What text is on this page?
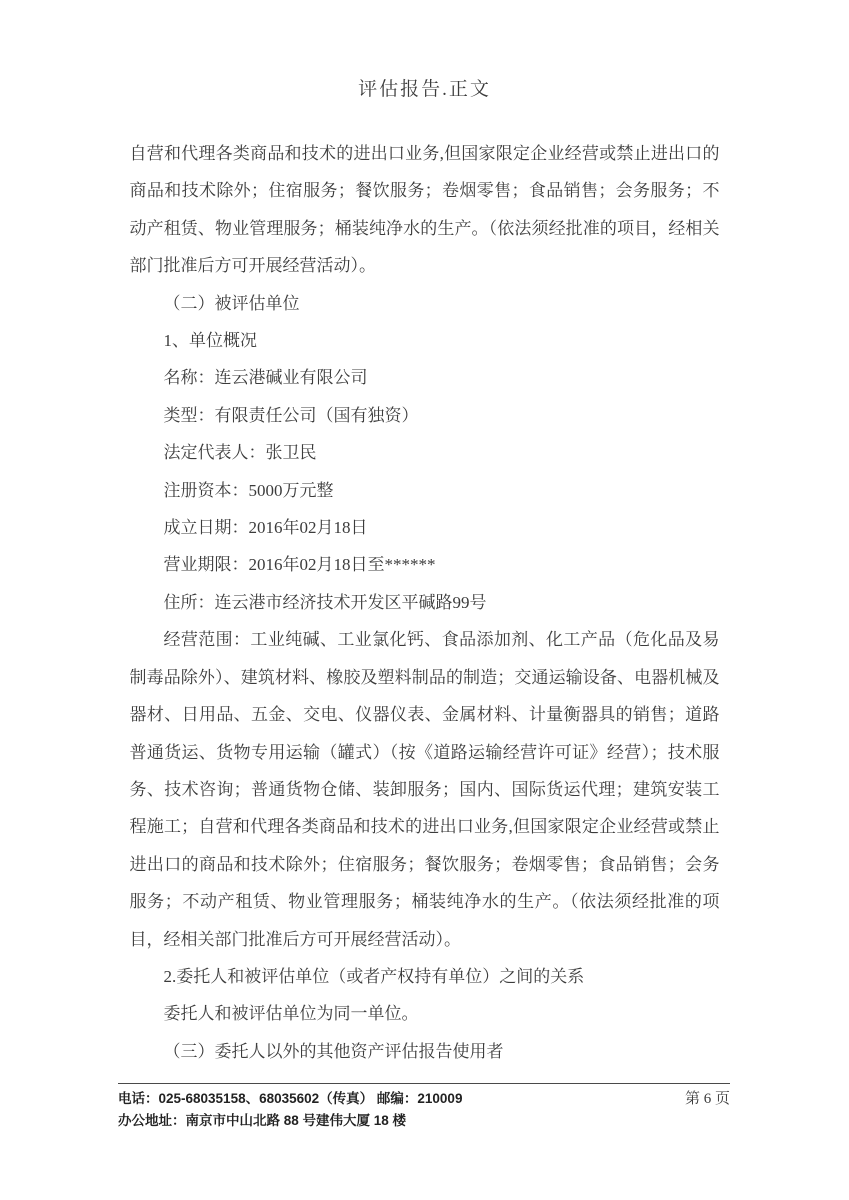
评估报告.正文

自营和代理各类商品和技术的进出口业务,但国家限定企业经营或禁止进出口的商品和技术除外；住宿服务；餐饮服务；卷烟零售；食品销售；会务服务；不动产租赁、物业管理服务；桶装纯净水的生产。（依法须经批准的项目，经相关部门批准后方可开展经营活动）。

（二）被评估单位

1、单位概况

名称：连云港碱业有限公司

类型：有限责任公司（国有独资）

法定代表人：张卫民

注册资本：5000万元整

成立日期：2016年02月18日

营业期限：2016年02月18日至******

住所：连云港市经济技术开发区平碱路99号

经营范围：工业纯碱、工业氯化钙、食品添加剂、化工产品（危化品及易制毒品除外）、建筑材料、橡胶及塑料制品的制造；交通运输设备、电器机械及器材、日用品、五金、交电、仪器仪表、金属材料、计量衡器具的销售；道路普通货运、货物专用运输（罐式）（按《道路运输经营许可证》经营）；技术服务、技术咨询；普通货物仓储、装卸服务；国内、国际货运代理；建筑安装工程施工；自营和代理各类商品和技术的进出口业务,但国家限定企业经营或禁止进出口的商品和技术除外；住宿服务；餐饮服务；卷烟零售；食品销售；会务服务；不动产租赁、物业管理服务；桶装纯净水的生产。（依法须经批准的项目，经相关部门批准后方可开展经营活动）。

2.委托人和被评估单位（或者产权持有单位）之间的关系

委托人和被评估单位为同一单位。

（三）委托人以外的其他资产评估报告使用者

电话：025-68035158、68035602（传真） 邮编：210009
办公地址：南京市中山北路 88 号建伟大厦 18 楼
第 6 页
